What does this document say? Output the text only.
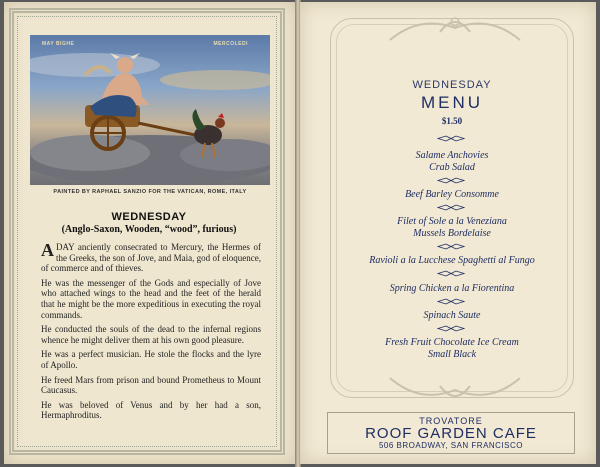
MAY BIGHE	MERCOLEDI
PAINTED BY RAPHAEL SANZIO FOR THE VATICAN, ROME, ITALY
WEDNESDAY
(Anglo-Saxon, Wooden, “wood”, furious)

ADAY anciently consecrated to Mercury, the Hermes of the Greeks, the son of Jove, and Maia, god of eloquence, of commerce and of thieves.

He was the messenger of the Gods and especially of Jove who attached wings to the head and the feet of the herald that he might be the more expeditious in executing the royal commands.

He conducted the souls of the dead to the infernal regions whence he might deliver them at his own good pleasure.

He was a perfect musician. He stole the flocks and the lyre of Apollo.

He freed Mars from prison and bound Prometheus to Mount Caucasus.

He was beloved of Venus and by her had a son, Hermaphroditus.

WEDNESDAY
MENU
$1.50
Salame Anchovies
Crab Salad
Beef Barley Consomme
Filet of Sole a la Veneziana
Mussels Bordelaise
Ravioli a la Lucchese Spaghetti al Fungo
Spring Chicken a la Fiorentina
Spinach Saute
Fresh Fruit Chocolate Ice Cream
Small Black
TROVATORE
ROOF GARDEN CAFE
506 BROADWAY, SAN FRANCISCO
